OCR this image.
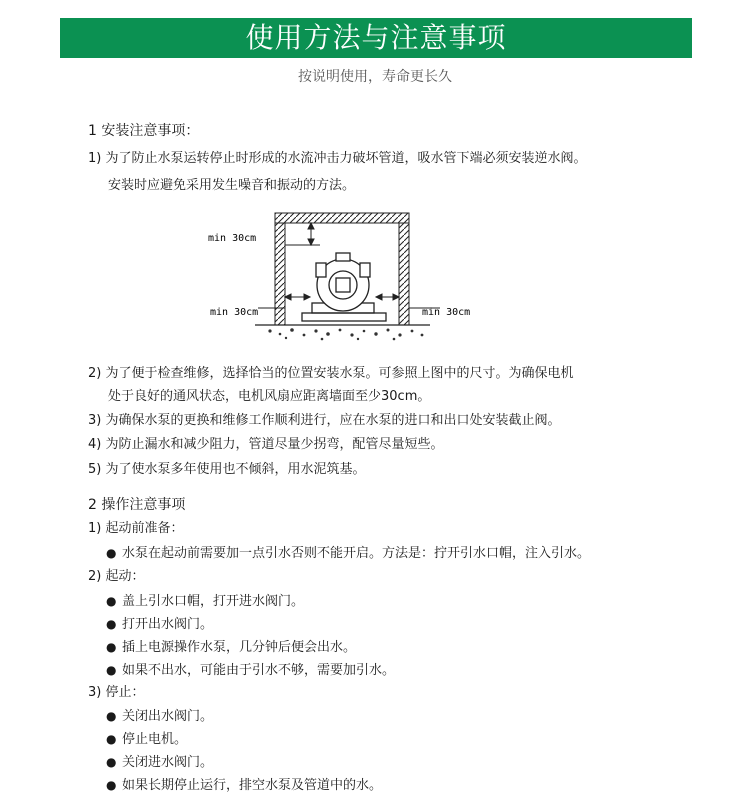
使用方法与注意事项
按说明使用，寿命更长久
1 安装注意事项：
1) 为了防止水泵运转停止时形成的水流冲击力破坏管道，吸水管下端必须安装逆水阀。
安装时应避免采用发生噪音和振动的方法。
min 30cm
min 30cm	min 30cm
2) 为了便于检查维修，选择恰当的位置安装水泵。可参照上图中的尺寸。为确保电机
处于良好的通风状态，电机风扇应距离墙面至少30cm。
3) 为确保水泵的更换和维修工作顺利进行，应在水泵的进口和出口处安装截止阀。
4) 为防止漏水和减少阻力，管道尽量少拐弯，配管尽量短些。
5) 为了使水泵多年使用也不倾斜，用水泥筑基。
2 操作注意事项
1) 起动前准备：
● 水泵在起动前需要加一点引水否则不能开启。方法是：拧开引水口帽，注入引水。
2) 起动：
● 盖上引水口帽，打开进水阀门。
● 打开出水阀门。
● 插上电源操作水泵，几分钟后便会出水。
● 如果不出水，可能由于引水不够，需要加引水。
3) 停止：
● 关闭出水阀门。
● 停止电机。
● 关闭进水阀门。
● 如果长期停止运行，排空水泵及管道中的水。
